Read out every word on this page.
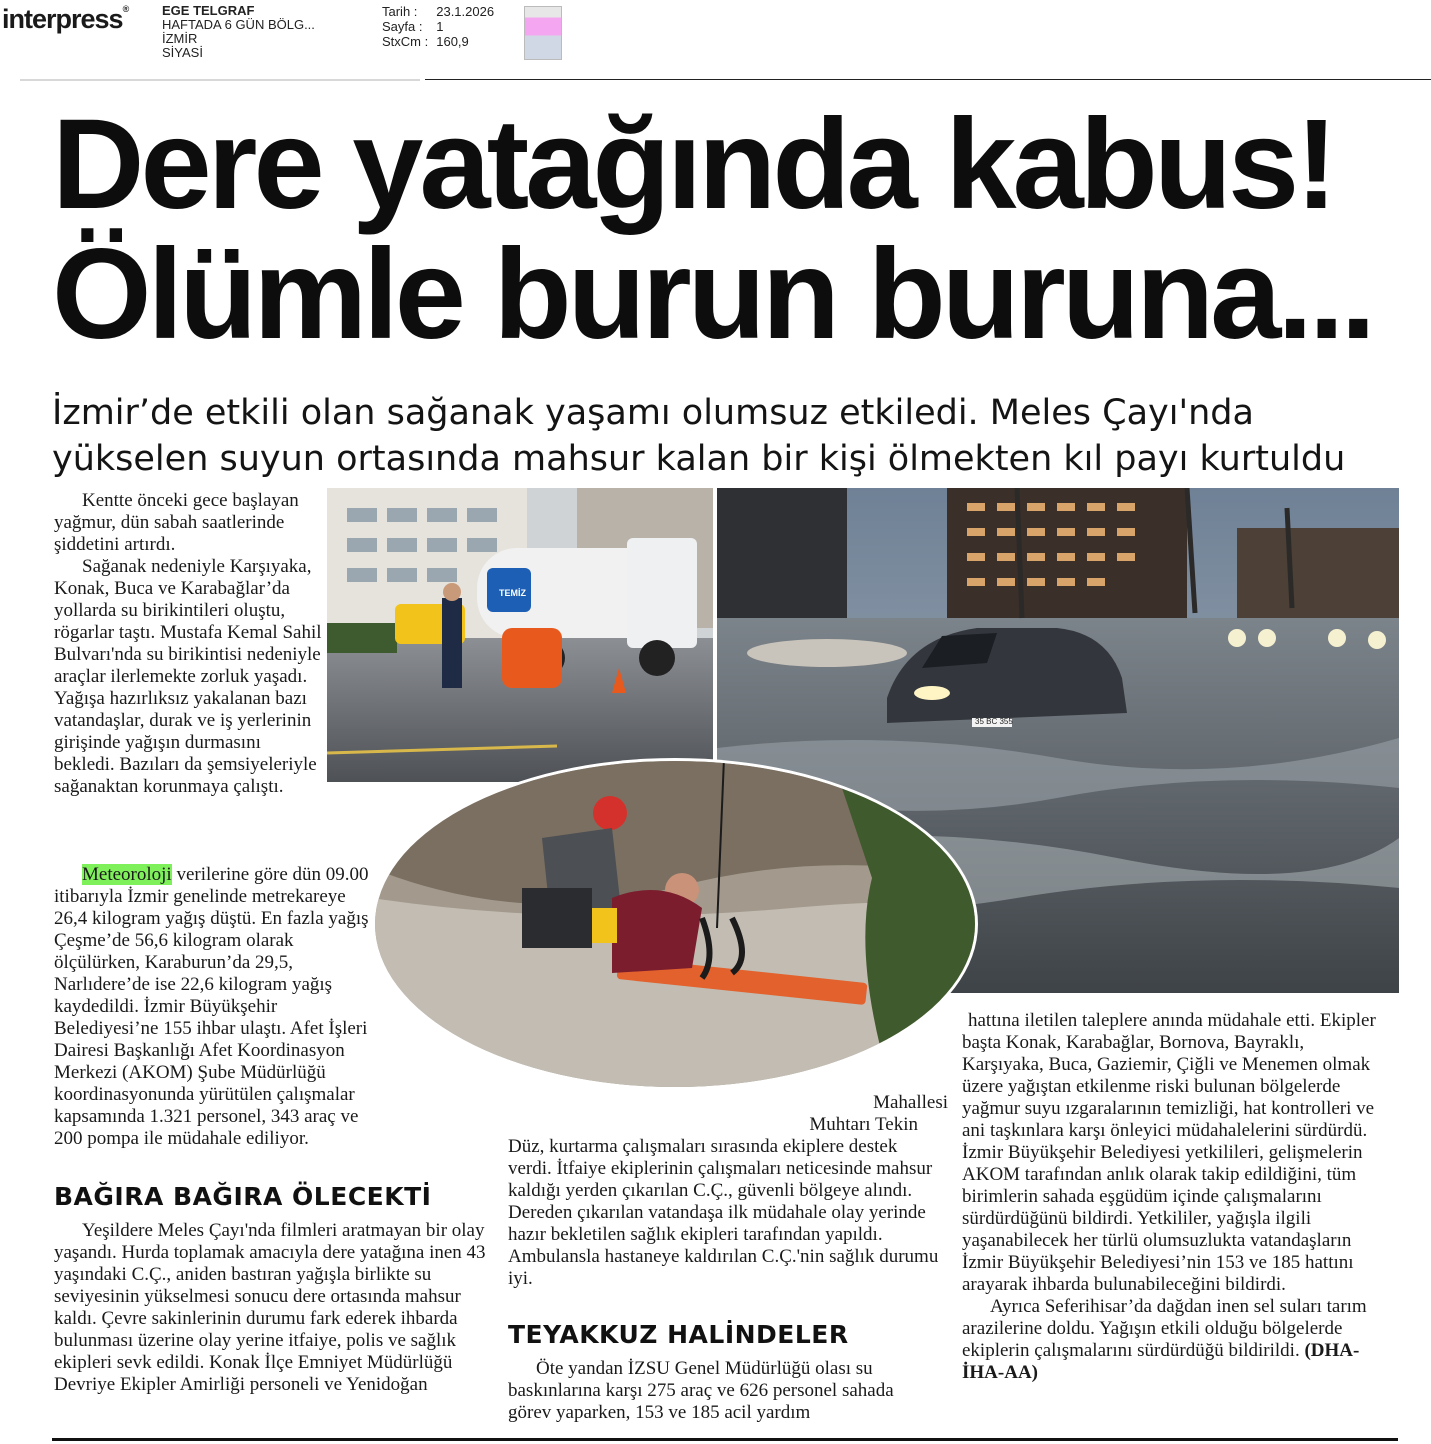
interpress®	EGE TELGRAF
HAFTADA 6 GÜN BÖLG...
İZMİR
SİYASİ
Tarih :	23.1.2026
Sayfa :	1
StxCm :	160,9
Dere yatağında kabus!
Ölümle burun buruna...
İzmir’de etkili olan sağanak yaşamı olumsuz etkiledi. Meles Çayı'nda yükselen suyun ortasında mahsur kalan bir kişi ölmekten kıl payı kurtuldu

Kentte önceki gece başlayan yağmur, dün sabah saatlerinde şiddetini artırdı.

Sağanak nedeniyle Karşıyaka, Konak, Buca ve Karabağlar’da yollarda su birikintileri oluştu, rögarlar taştı. Mustafa Kemal Sahil Bulvarı'nda su birikintisi nedeniyle araçlar ilerlemekte zorluk yaşadı. Yağışa hazırlıksız yakalanan bazı vatandaşlar, durak ve iş yerlerinin girişinde yağışın durmasını bekledi. Bazıları da şemsiyeleriyle sağanaktan korunmaya çalıştı.

Meteoroloji verilerine göre dün 09.00 itibarıyla İzmir genelinde metrekareye 26,4 kilogram yağış düştü. En fazla yağış Çeşme’de 56,6 kilogram olarak ölçülürken, Karaburun’da 29,5, Narlıdere’de ise 22,6 kilogram yağış kaydedildi. İzmir Büyükşehir Belediyesi’ne 155 ihbar ulaştı. Afet İşleri Dairesi Başkanlığı Afet Koordinasyon Merkezi (AKOM) Şube Müdürlüğü koordinasyonunda yürütülen çalışmalar kapsamında 1.321 personel, 343 araç ve 200 pompa ile müdahale ediliyor.

BAĞIRA BAĞIRA ÖLECEKTİ

Yeşildere Meles Çayı'nda filmleri aratmayan bir olay yaşandı. Hurda toplamak amacıyla dere yatağına inen 43 yaşındaki C.Ç., aniden bastıran yağışla birlikte su seviyesinin yükselmesi sonucu dere ortasında mahsur kaldı. Çevre sakinlerinin durumu fark ederek ihbarda bulunması üzerine olay yerine itfaiye, polis ve sağlık ekipleri sevk edildi. Konak İlçe Emniyet Müdürlüğü Devriye Ekipler Amirliği personeli ve Yenidoğan

Mahallesi
Muhtarı Tekin

Düz, kurtarma çalışmaları sırasında ekiplere destek verdi. İtfaiye ekiplerinin çalışmaları neticesinde mahsur kaldığı yerden çıkarılan C.Ç., güvenli bölgeye alındı. Dereden çıkarılan vatandaşa ilk müdahale olay yerinde hazır bekletilen sağlık ekipleri tarafından yapıldı. Ambulansla hastaneye kaldırılan C.Ç.'nin sağlık durumu iyi.

TEYAKKUZ HALİNDELER

Öte yandan İZSU Genel Müdürlüğü olası su baskınlarına karşı 275 araç ve 626 personel sahada görev yaparken, 153 ve 185 acil yardım

hattına iletilen taleplere anında müdahale etti. Ekipler başta Konak, Karabağlar, Bornova, Bayraklı, Karşıyaka, Buca, Gaziemir, Çiğli ve Menemen olmak üzere yağıştan etkilenme riski bulunan bölgelerde yağmur suyu ızgaralarının temizliği, hat kontrolleri ve ani taşkınlara karşı önleyici müdahalelerini sürdürdü. İzmir Büyükşehir Belediyesi yetkilileri, gelişmelerin AKOM tarafından anlık olarak takip edildiğini, tüm birimlerin sahada eşgüdüm içinde çalışmalarını sürdürdüğünü bildirdi. Yetkililer, yağışla ilgili yaşanabilecek her türlü olumsuzlukta vatandaşların İzmir Büyükşehir Belediyesi’nin 153 ve 185 hattını arayarak ihbarda bulunabileceğini bildirdi.

Ayrıca Seferihisar’da dağdan inen sel suları tarım arazilerine doldu. Yağışın etkili olduğu bölgelerde ekiplerin çalışmalarını sürdürdüğü bildirildi. (DHA- İHA-AA)

TEMİZ
35 BC 355
